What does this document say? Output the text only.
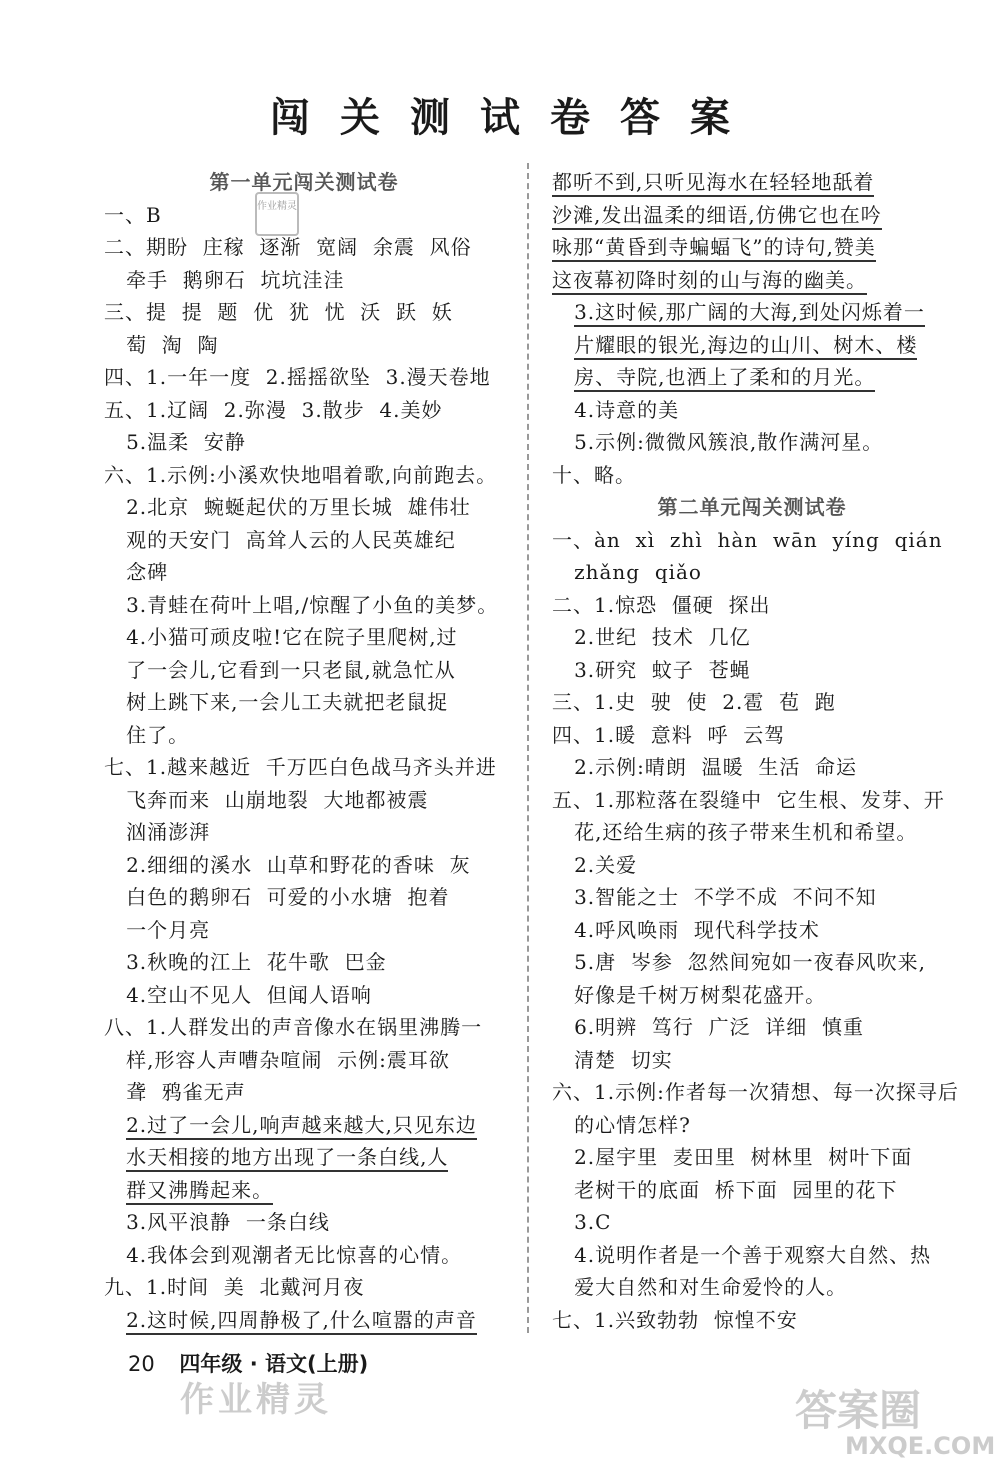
闯关测试卷答案
第一单元闯关测试卷
一、B
二、期盼  庄稼  逐渐  宽阔  余震  风俗
牵手  鹅卵石  坑坑洼洼
三、提  提  题  优  犹  忧  沃  跃  妖
萄  淘  陶
四、1.一年一度  2.摇摇欲坠  3.漫天卷地
五、1.辽阔  2.弥漫  3.散步  4.美妙
5.温柔  安静
六、1.示例:小溪欢快地唱着歌,向前跑去。
2.北京  蜿蜒起伏的万里长城  雄伟壮
观的天安门  高耸人云的人民英雄纪
念碑
3.青蛙在荷叶上唱,/惊醒了小鱼的美梦。
4.小猫可顽皮啦!它在院子里爬树,过
了一会儿,它看到一只老鼠,就急忙从
树上跳下来,一会儿工夫就把老鼠捉
住了。
七、1.越来越近  千万匹白色战马齐头并进
飞奔而来  山崩地裂  大地都被震
汹涌澎湃
2.细细的溪水  山草和野花的香味  灰
白色的鹅卵石  可爱的小水塘  抱着
一个月亮
3.秋晚的江上  花牛歌  巴金
4.空山不见人  但闻人语响
八、1.人群发出的声音像水在锅里沸腾一
样,形容人声嘈杂喧闹  示例:震耳欲
聋  鸦雀无声
2.过了一会儿,响声越来越大,只见东边
水天相接的地方出现了一条白线,人
群又沸腾起来。
3.风平浪静  一条白线
4.我体会到观潮者无比惊喜的心情。
九、1.时间  美  北戴河月夜
2.这时候,四周静极了,什么喧嚣的声音
都听不到,只听见海水在轻轻地舐着
沙滩,发出温柔的细语,仿佛它也在吟
咏那“黄昏到寺蝙蝠飞”的诗句,赞美
这夜幕初降时刻的山与海的幽美。
3.这时候,那广阔的大海,到处闪烁着一
片耀眼的银光,海边的山川、树木、楼
房、寺院,也洒上了柔和的月光。
4.诗意的美
5.示例:微微风簇浪,散作满河星。
十、略。
第二单元闯关测试卷
一、àn  xì  zhì  hàn  wān  yíng  qián
zhǎng  qiǎo
二、1.惊恐  僵硬  探出
2.世纪  技术  几亿
3.研究  蚊子  苍蝇
三、1.史  驶  使  2.雹  苞  跑
四、1.暖  意料  呼  云驾
2.示例:晴朗  温暖  生活  命运
五、1.那粒落在裂缝中  它生根、发芽、开
花,还给生病的孩子带来生机和希望。
2.关爱
3.智能之士  不学不成  不问不知
4.呼风唤雨  现代科学技术
5.唐  岑参  忽然间宛如一夜春风吹来,
好像是千树万树梨花盛开。
6.明辨  笃行  广泛  详细  慎重
清楚  切实
六、1.示例:作者每一次猜想、每一次探寻后
的心情怎样?
2.屋宇里  麦田里  树林里  树叶下面
老树干的底面  桥下面  园里的花下
3.C
4.说明作者是一个善于观察大自然、热
爱大自然和对生命爱怜的人。
七、1.兴致勃勃  惊惶不安
作业精灵
20 四年级 · 语文(上册)
作业精灵	答案圈
MXQE.COM
